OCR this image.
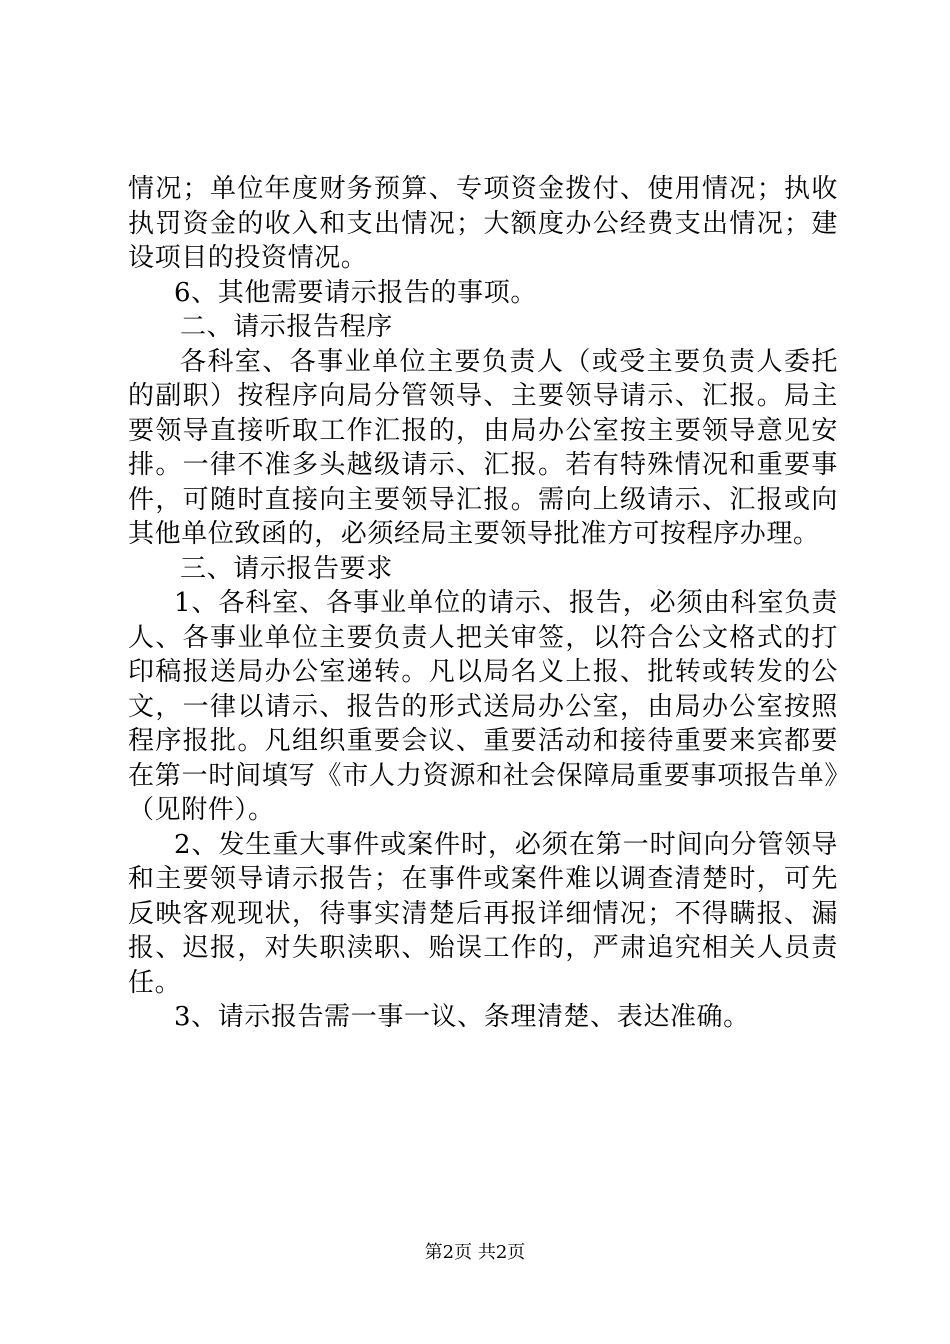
情况；单位年度财务预算、专项资金拨付、使用情况；执收执罚资金的收入和支出情况；大额度办公经费支出情况；建设项目的投资情况。

6、其他需要请示报告的事项。

二、请示报告程序

各科室、各事业单位主要负责人（或受主要负责人委托的副职）按程序向局分管领导、主要领导请示、汇报。局主要领导直接听取工作汇报的，由局办公室按主要领导意见安排。一律不准多头越级请示、汇报。若有特殊情况和重要事件，可随时直接向主要领导汇报。需向上级请示、汇报或向其他单位致函的，必须经局主要领导批准方可按程序办理。

三、请示报告要求

1、各科室、各事业单位的请示、报告，必须由科室负责人、各事业单位主要负责人把关审签，以符合公文格式的打印稿报送局办公室递转。凡以局名义上报、批转或转发的公文，一律以请示、报告的形式送局办公室，由局办公室按照程序报批。凡组织重要会议、重要活动和接待重要来宾都要在第一时间填写《市人力资源和社会保障局重要事项报告单》（见附件）。

2、发生重大事件或案件时，必须在第一时间向分管领导和主要领导请示报告；在事件或案件难以调查清楚时，可先反映客观现状，待事实清楚后再报详细情况；不得瞒报、漏报、迟报，对失职渎职、贻误工作的，严肃追究相关人员责任。

3、请示报告需一事一议、条理清楚、表达准确。

第2页 共2页
